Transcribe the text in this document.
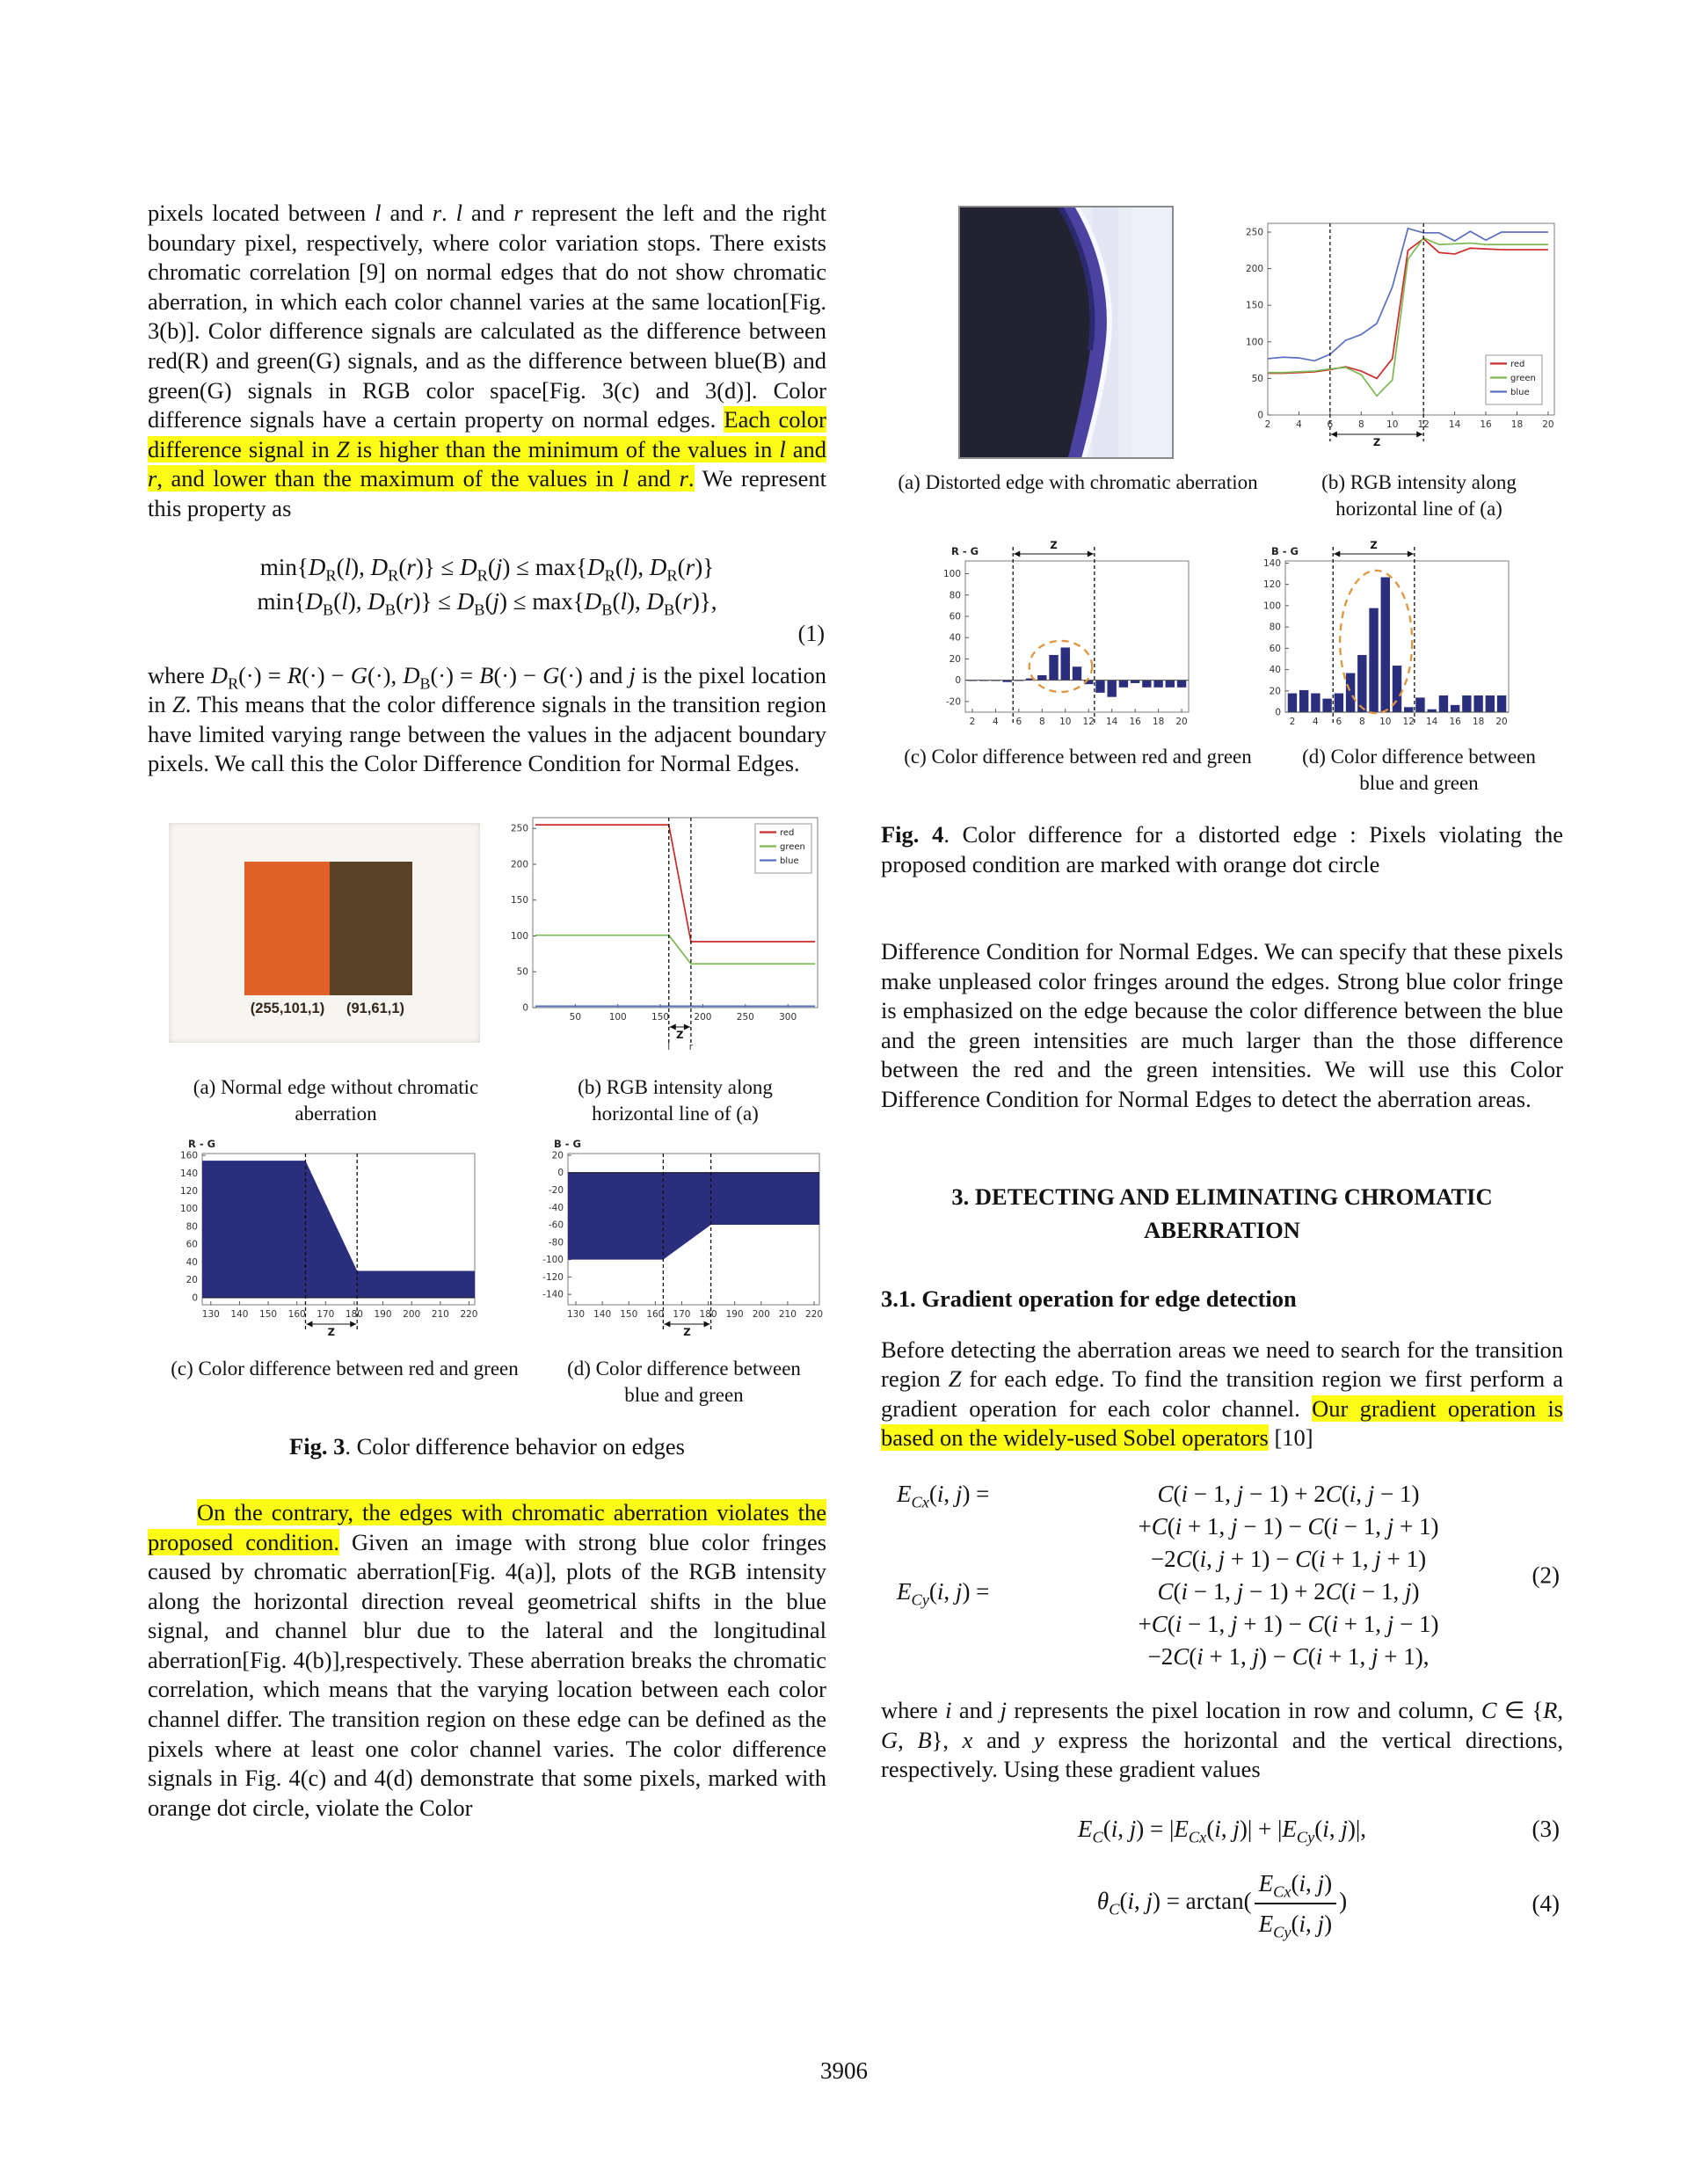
pixels located between l and r. l and r represent the left and the right boundary pixel, respectively, where color variation stops. There exists chromatic correlation [9] on normal edges that do not show chromatic aberration, in which each color channel varies at the same location[Fig. 3(b)]. Color difference signals are calculated as the difference between red(R) and green(G) signals, and as the difference between blue(B) and green(G) signals in RGB color space[Fig. 3(c) and 3(d)]. Color difference signals have a certain property on normal edges. Each color difference signal in Z is higher than the minimum of the values in l and r, and lower than the maximum of the values in l and r. We represent this property as

$\min\{D_R(l)$, $D_R(r)\} \le D_R(j) \le \max\{D_R(l)$, $D_R(r)$}
$\min\{D_B(l)$, $D_B(r)\} \le D_B(j) \le \max\{D_B(l)$, $D_B(r)$},
(1)

where $D_R(\cdot) = R(\cdot) - G(\cdot)$, $D_B(\cdot) = B(\cdot) - G(\cdot)$ and j is the pixel location in Z. This means that the color difference signals in the transition region have limited varying range between the values in the adjacent boundary pixels. We call this the Color Difference Condition for Normal Edges.

(255,101,1)	(91,61,1)
50	100	150	200	250	300
0
50
100
150
200
250
Z
l r
red
green
blue
(a) Normal edge without chromatic aberration
(b) RGB intensity along horizontal line of (a)
130 140 150 160 170 180 190 200 210 220
0
20
40
60
80
100
120
140
160
R - G
Z
130 140 150 160 170 180 190 200 210 220
20
0
-20
-40
-60
-80
-100
-120
-140
B - G
Z
(c) Color difference between red and green	(d) Color difference between blue and green
Fig. 3. Color difference behavior on edges

On the contrary, the edges with chromatic aberration violates the proposed condition. Given an image with strong blue color fringes caused by chromatic aberration[Fig. 4(a)], plots of the RGB intensity along the horizontal direction reveal geometrical shifts in the blue signal, and channel blur due to the lateral and the longitudinal aberration[Fig. 4(b)],respectively. These aberration breaks the chromatic correlation, which means that the varying location between each color channel differ. The transition region on these edge can be defined as the pixels where at least one color channel varies. The color difference signals in Fig. 4(c) and 4(d) demonstrate that some pixels, marked with orange dot circle, violate the Color

2	4	6	8 10 12 14 16 18 20
0
50
100
150
200
250
Z
red
green
blue
(a) Distorted edge with chromatic aberration	(b) RGB intensity along horizontal line of (a)
2 4 6 8 10 12 14 16 18 20
-20
0
20
40
60
80
100
R - G	Z
2 4 6 8 10 12 14 16 18 20
0
20
40
60
80
100
120
140
B - G	Z
(c) Color difference between red and green	(d) Color difference between blue and green
Fig. 4. Color difference for a distorted edge : Pixels violating the proposed condition are marked with orange dot circle

Difference Condition for Normal Edges. We can specify that these pixels make unpleased color fringes around the edges. Strong blue color fringe is emphasized on the edge because the color difference between the blue and the green intensities are much larger than the those difference between the red and the green intensities. We will use this Color Difference Condition for Normal Edges to detect the aberration areas.

3. DETECTING AND ELIMINATING CHROMATIC
ABERRATION
3.1. Gradient operation for edge detection

Before detecting the aberration areas we need to search for the transition region Z for each edge. To find the transition region we first perform a gradient operation for each color channel. Our gradient operation is based on the widely-used Sobel operators [10]

$E_{Cx}(i$, j) =	C(i − 1, j − 1) + 2C(i, j − 1)
+C(i + 1, j − 1) − C(i − 1, j + 1)
−2C(i, j + 1) − C(i + 1, j + 1)
$E_{Cy}(i$, j) =	C(i − 1, j − 1) + 2C(i − 1, j)
+C(i − 1, j + 1) − C(i + 1, j − 1)
−2C(i + 1, j) − C(i + 1, j + 1),
(2)

where i and j represents the pixel location in row and column, C ∈ {R, G, B}, x and y express the horizontal and the vertical directions, respectively. Using these gradient values

$E_C(i$, $j) = |E_{Cx}(i$, $j)| + |E_{Cy}(i$, j)|,	(3)
$\theta_C(i$, $j) = \arctan( \frac{E_{Cx}(i, j)}{E_{Cy}(i, j)}$ )	(4)
3906
